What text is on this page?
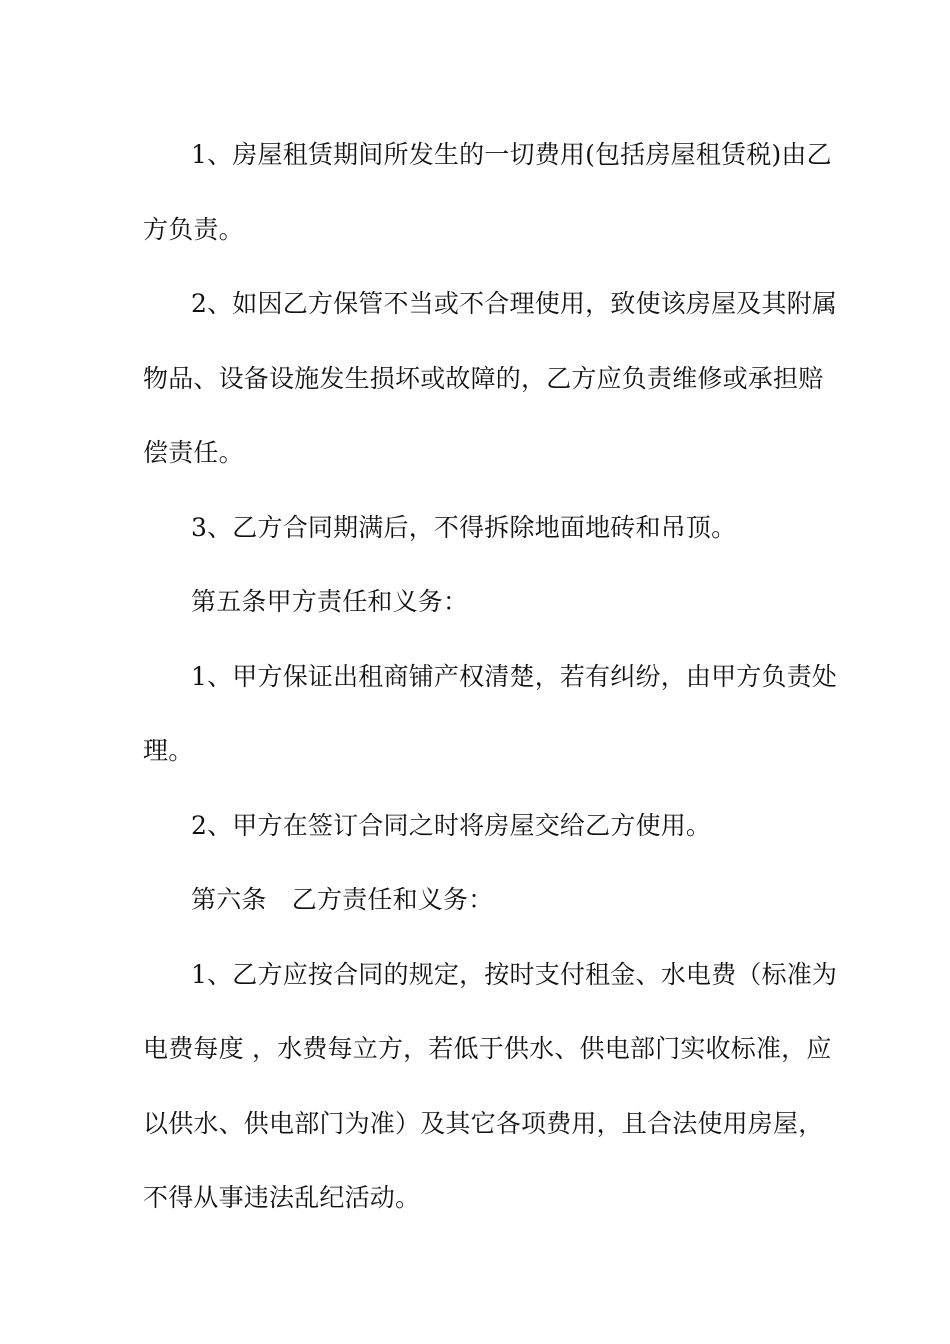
1、房屋租赁期间所发生的一切费用(包括房屋租赁税)由乙
方负责。
2、如因乙方保管不当或不合理使用，致使该房屋及其附属
物品、设备设施发生损坏或故障的，乙方应负责维修或承担赔
偿责任。
3、乙方合同期满后，不得拆除地面地砖和吊顶。
第五条甲方责任和义务：
1、甲方保证出租商铺产权清楚，若有纠纷，由甲方负责处
理。
2、甲方在签订合同之时将房屋交给乙方使用。
第六条　乙方责任和义务：
1、乙方应按合同的规定，按时支付租金、水电费（标准为
电费每度 ，水费每立方，若低于供水、供电部门实收标准，应
以供水、供电部门为准）及其它各项费用，且合法使用房屋，
不得从事违法乱纪活动。
